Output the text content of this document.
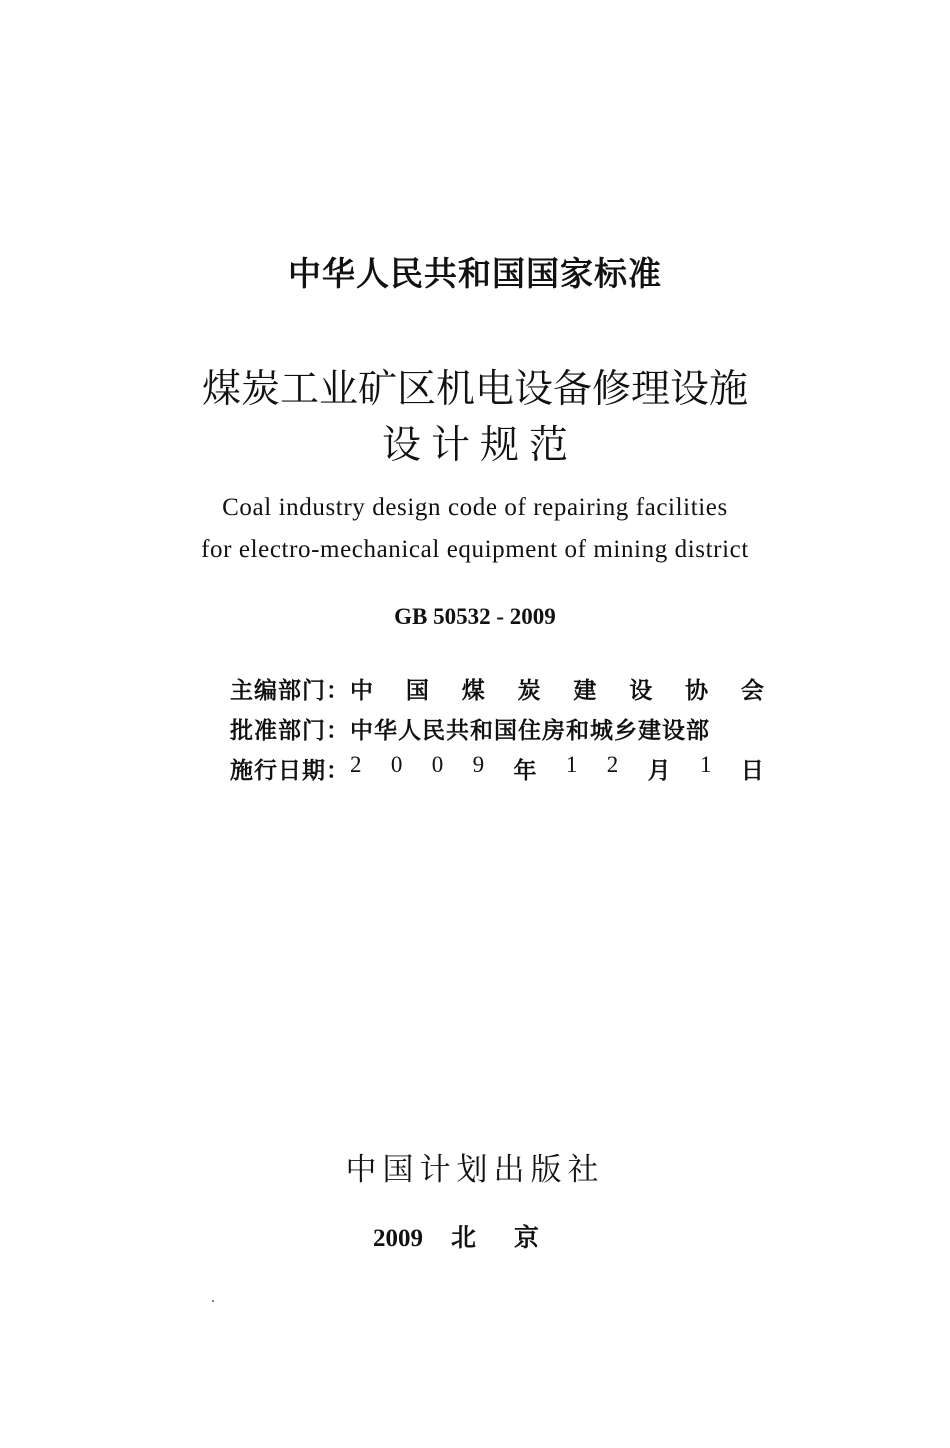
中华人民共和国国家标准
煤炭工业矿区机电设备修理设施
设计规范
Coal industry design code of repairing facilities
for electro-mechanical equipment of mining district
GB 50532 - 2009
主编部门： 中 国 煤 炭 建 设 协 会
批准部门： 中华人民共和国住房和城乡建设部
施行日期： 2 0 0 9 年 1 2 月 1 日
中国计划出版社
2009 北京
